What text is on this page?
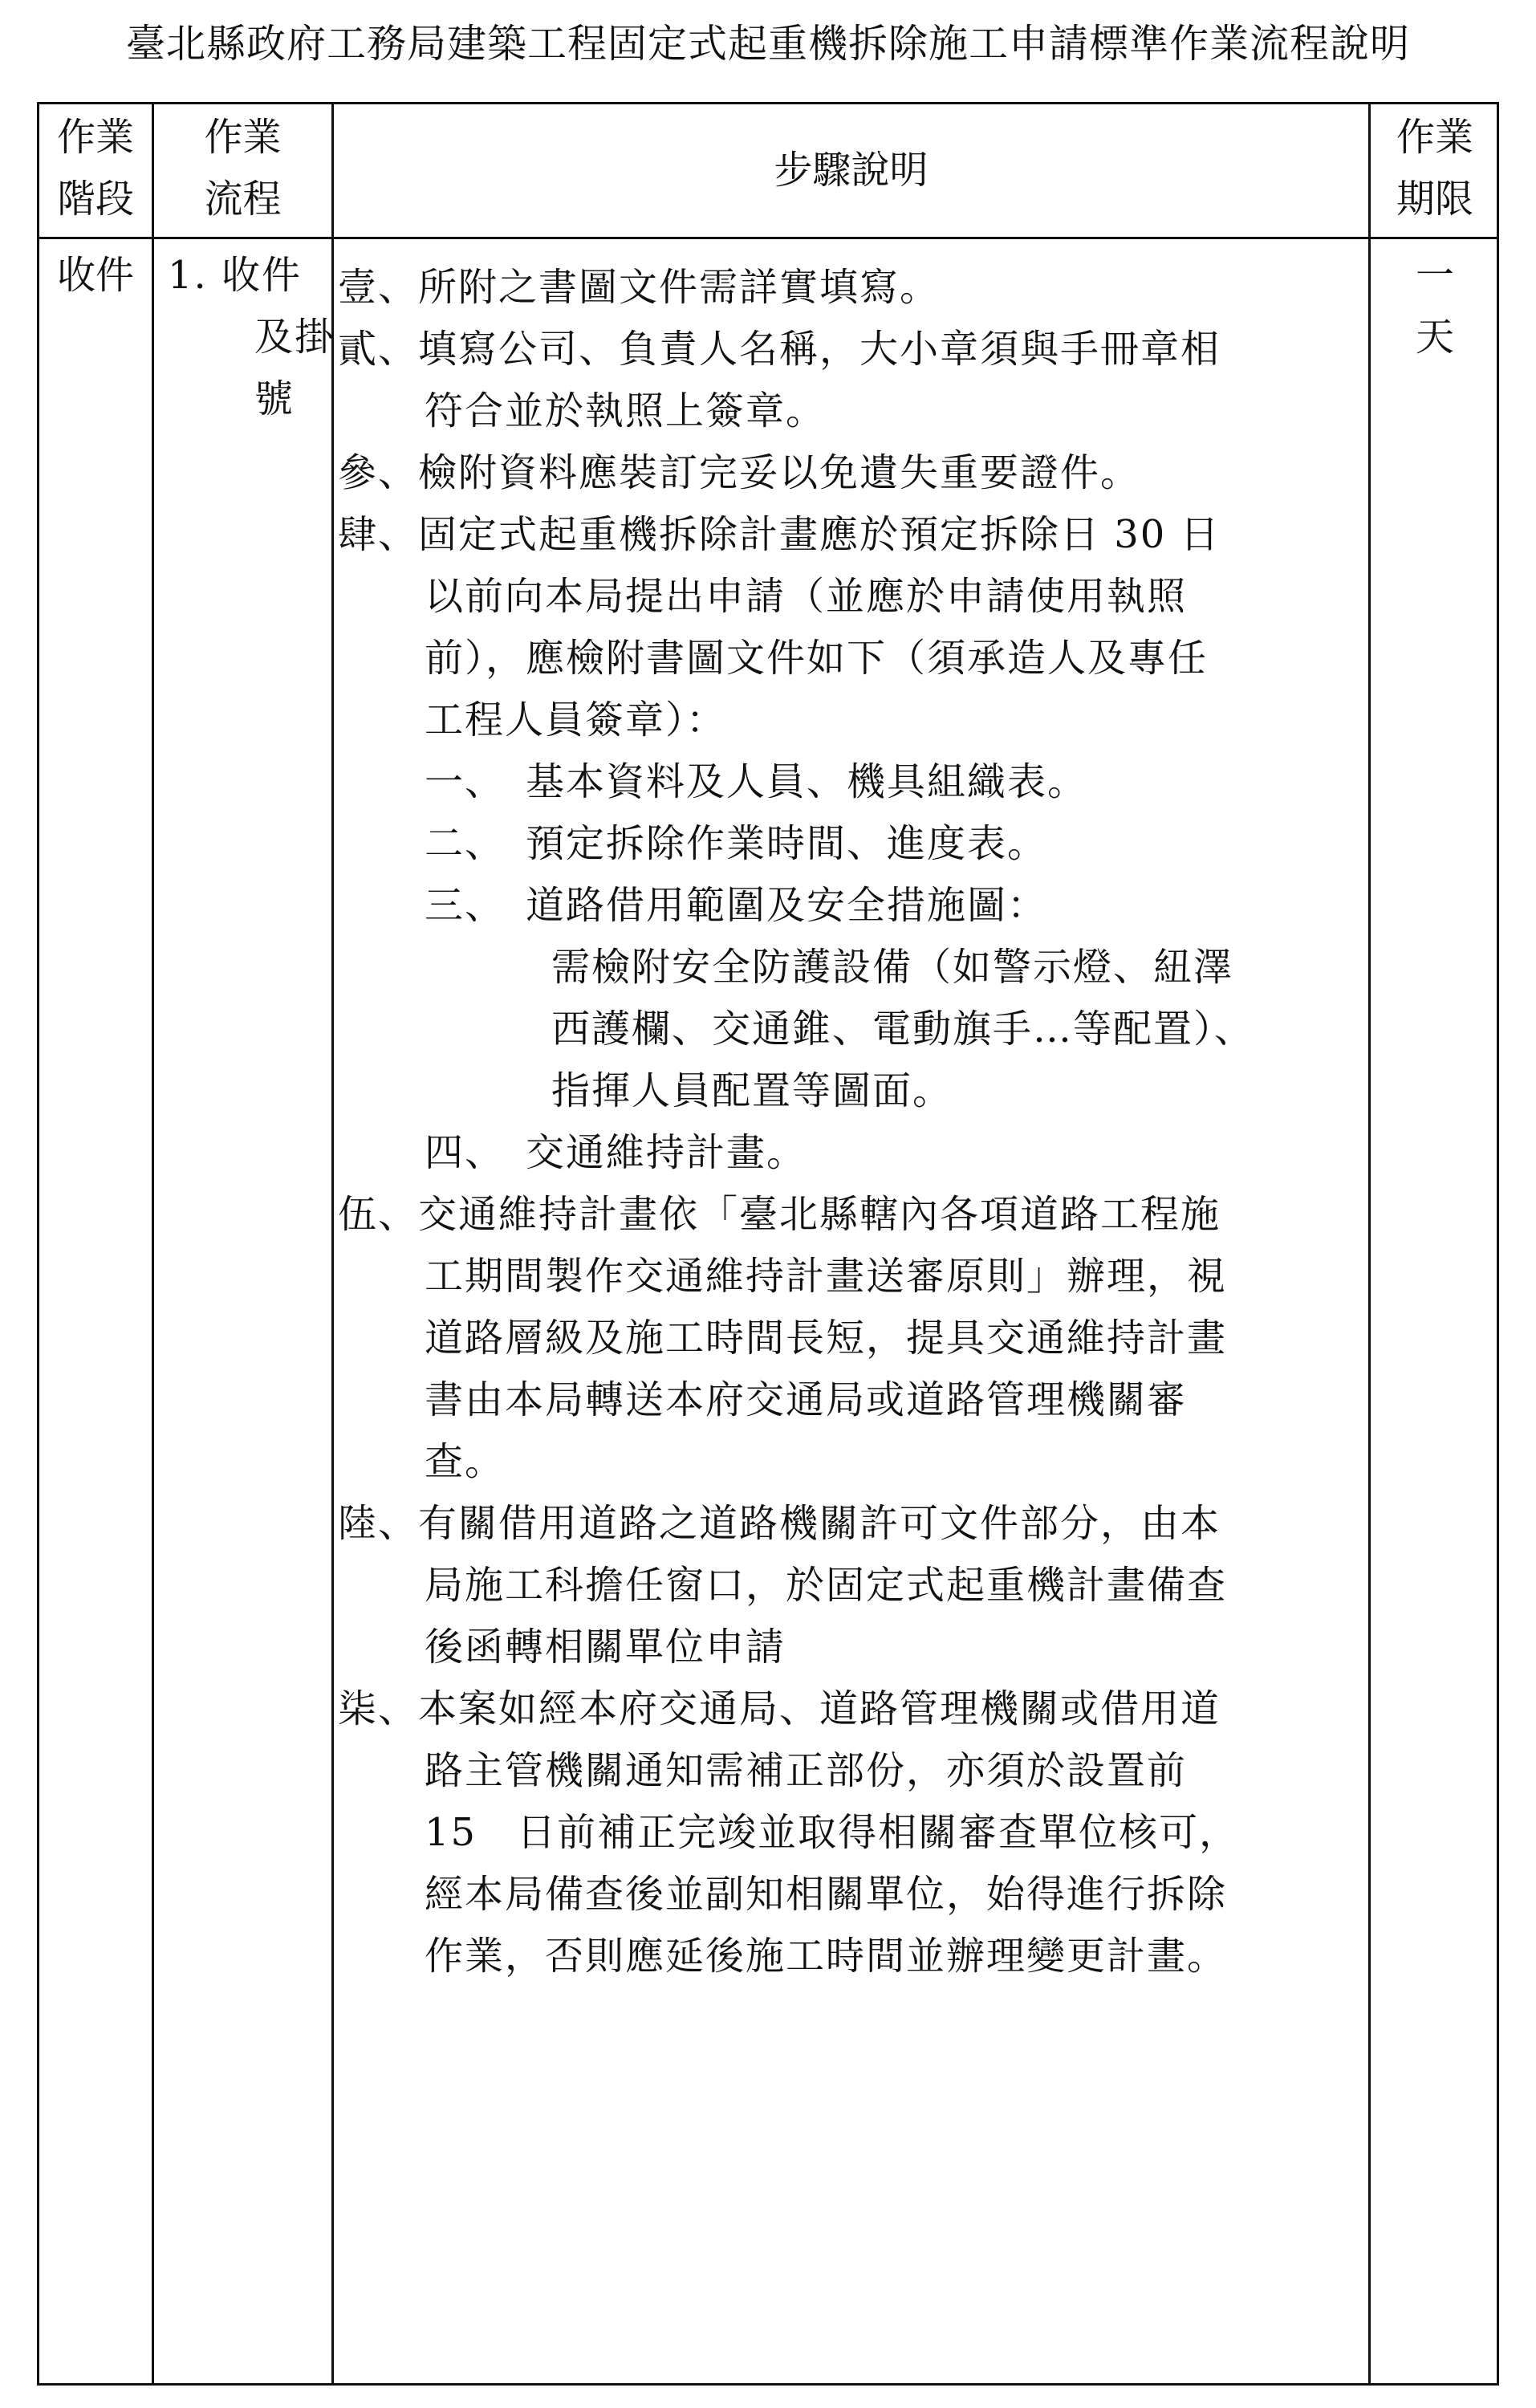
臺北縣政府工務局建築工程固定式起重機拆除施工申請標準作業流程說明
作業
階段
作業
流程
步驟說明
作業
期限
收件 1. 收件
及掛
號
一
天
壹、所附之書圖文件需詳實填寫。
貳、填寫公司、負責人名稱，大小章須與手冊章相
符合並於執照上簽章。
參、檢附資料應裝訂完妥以免遺失重要證件。
肆、固定式起重機拆除計畫應於預定拆除日 30 日
以前向本局提出申請（並應於申請使用執照
前），應檢附書圖文件如下（須承造人及專任
工程人員簽章）：
一、　基本資料及人員、機具組織表。
二、　預定拆除作業時間、進度表。
三、　道路借用範圍及安全措施圖：
需檢附安全防護設備（如警示燈、紐澤
西護欄、交通錐、電動旗手…等配置）、
指揮人員配置等圖面。
四、　交通維持計畫。
伍、交通維持計畫依「臺北縣轄內各項道路工程施
工期間製作交通維持計畫送審原則」辦理，視
道路層級及施工時間長短，提具交通維持計畫
書由本局轉送本府交通局或道路管理機關審
查。
陸、有關借用道路之道路機關許可文件部分，由本
局施工科擔任窗口，於固定式起重機計畫備查
後函轉相關單位申請
柒、本案如經本府交通局、道路管理機關或借用道
路主管機關通知需補正部份，亦須於設置前
15　日前補正完竣並取得相關審查單位核可，
經本局備查後並副知相關單位，始得進行拆除
作業，否則應延後施工時間並辦理變更計畫。
